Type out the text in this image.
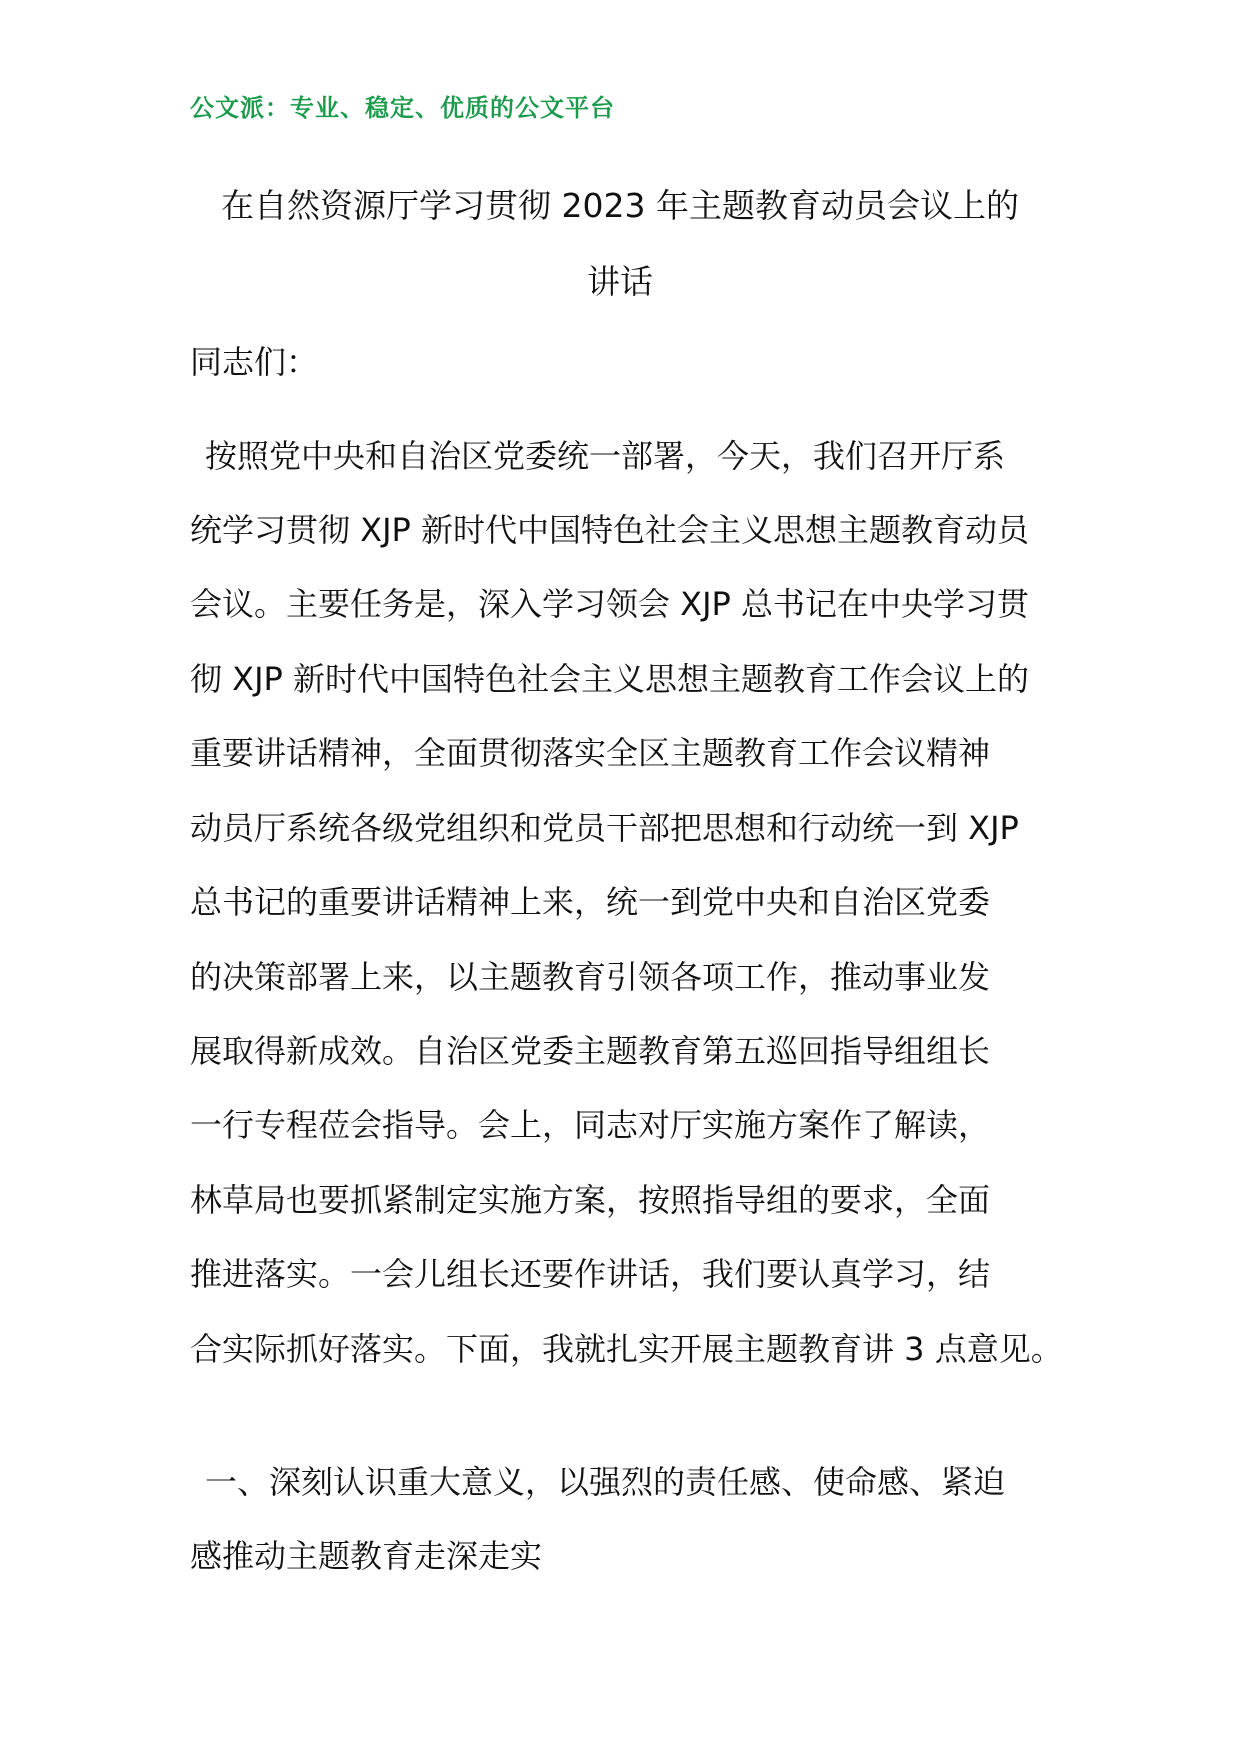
公文派：专业、稳定、优质的公文平台
在自然资源厅学习贯彻 2023 年主题教育动员会议上的
讲话
同志们：
按照党中央和自治区党委统一部署，今天，我们召开厅系
统学习贯彻 XJP 新时代中国特色社会主义思想主题教育动员
会议。主要任务是，深入学习领会 XJP 总书记在中央学习贯
彻 XJP 新时代中国特色社会主义思想主题教育工作会议上的
重要讲话精神，全面贯彻落实全区主题教育工作会议精神
动员厅系统各级党组织和党员干部把思想和行动统一到 XJP
总书记的重要讲话精神上来，统一到党中央和自治区党委
的决策部署上来，以主题教育引领各项工作，推动事业发
展取得新成效。自治区党委主题教育第五巡回指导组组长
一行专程莅会指导。会上，同志对厅实施方案作了解读，
林草局也要抓紧制定实施方案，按照指导组的要求，全面
推进落实。一会儿组长还要作讲话，我们要认真学习，结
合实际抓好落实。下面，我就扎实开展主题教育讲 3 点意见。
一、深刻认识重大意义，以强烈的责任感、使命感、紧迫
感推动主题教育走深走实
